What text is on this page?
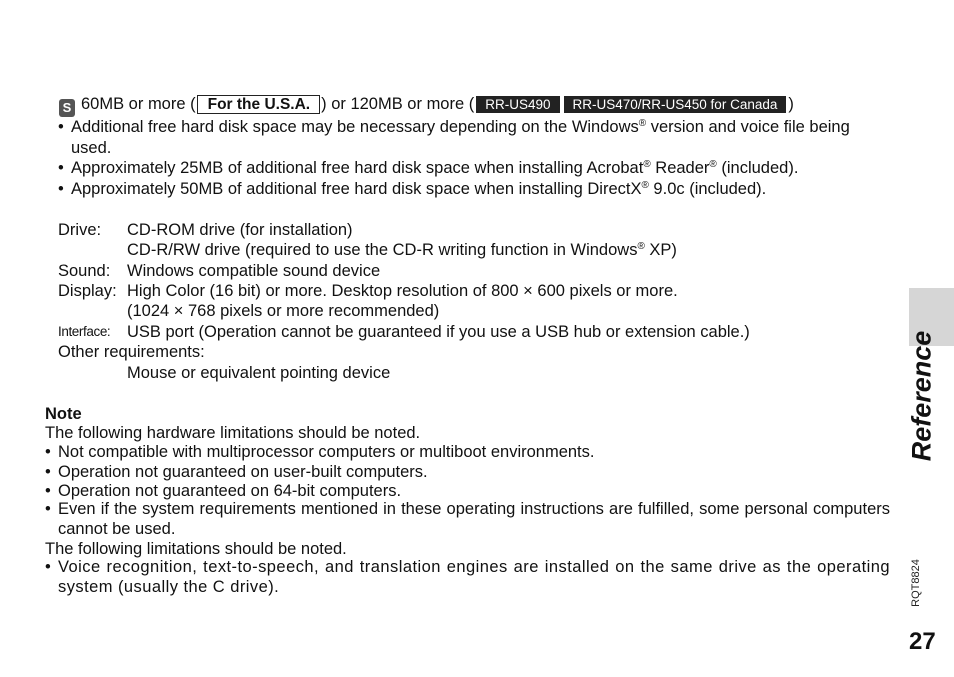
S 60MB or more ( For the U.S.A. ) or 120MB or more ( RR-US490 RR-US470/RR-US450 for Canada )
• Additional free hard disk space may be necessary depending on the Windows® version and voice file being used.
• Approximately 25MB of additional free hard disk space when installing Acrobat® Reader® (included).
• Approximately 50MB of additional free hard disk space when installing DirectX® 9.0c (included).
Drive: CD-ROM drive (for installation)
CD-R/RW drive (required to use the CD-R writing function in Windows® XP)
Sound: Windows compatible sound device
Display: High Color (16 bit) or more. Desktop resolution of 800 × 600 pixels or more.
(1024 × 768 pixels or more recommended)
Interface: USB port (Operation cannot be guaranteed if you use a USB hub or extension cable.)
Other requirements:
Mouse or equivalent pointing device
Note
The following hardware limitations should be noted.
• Not compatible with multiprocessor computers or multiboot environments.
• Operation not guaranteed on user-built computers.
• Operation not guaranteed on 64-bit computers.
• Even if the system requirements mentioned in these operating instructions are fulfilled, some personal computers cannot be used.
The following limitations should be noted.
• Voice recognition, text-to-speech, and translation engines are installed on the same drive as the operating system (usually the C drive).
Reference
RQT8824
27
